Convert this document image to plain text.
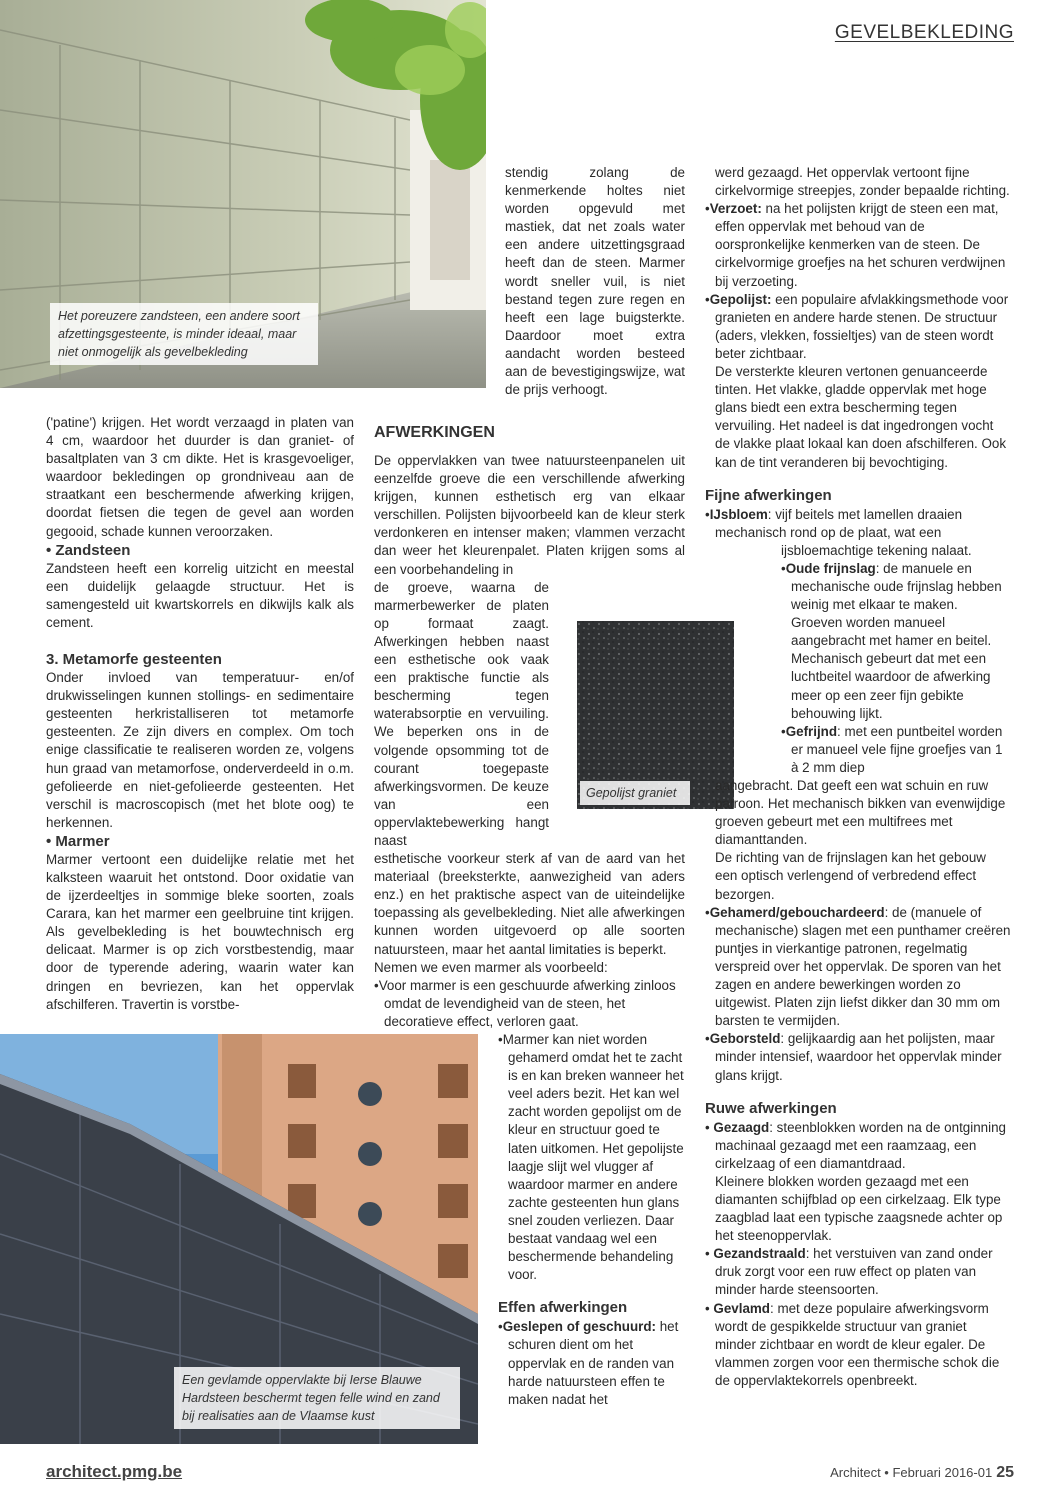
GEVELBEKLEDING
Het poreuzere zandsteen, een andere soort afzettingsgesteente, is minder ideaal, maar niet onmogelijk als gevelbekleding

('patine') krijgen. Het wordt verzaagd in platen van 4 cm, waardoor het duurder is dan graniet- of basaltplaten van 3 cm dikte. Het is krasgevoeliger, waardoor bekledingen op grondniveau aan de straatkant een beschermende afwerking krijgen, doordat fietsen die tegen de gevel aan worden gegooid, schade kunnen veroorzaken.

• Zandsteen

Zandsteen heeft een korrelig uitzicht en meestal een duidelijk gelaagde structuur. Het is samengesteld uit kwartskorrels en dikwijls kalk als cement.

3. Metamorfe gesteenten

Onder invloed van temperatuur- en/of drukwisselingen kunnen stollings- en sedimentaire gesteenten herkristalliseren tot metamorfe gesteenten. Ze zijn divers en complex. Om toch enige classificatie te realiseren worden ze, volgens hun graad van metamorfose, onderverdeeld in o.m. gefolieerde en niet-gefolieerde gesteenten. Het verschil is macroscopisch (met het blote oog) te herkennen.

• Marmer

Marmer vertoont een duidelijke relatie met het kalksteen waaruit het ontstond. Door oxidatie van de ijzerdeeltjes in sommige bleke soorten, zoals Carara, kan het marmer een geelbruine tint krijgen. Als gevelbekleding is het bouwtechnisch erg delicaat. Marmer is op zich vorstbestendig, maar door de typerende adering, waarin water kan dringen en bevriezen, kan het oppervlak afschilferen. Travertin is vorstbe-

Een gevlamde oppervlakte bij Ierse Blauwe Hardsteen beschermt tegen felle wind en zand bij realisaties aan de Vlaamse kust

stendig zolang de kenmerkende holtes niet worden opgevuld met mastiek, dat net zoals water een andere uitzettingsgraad heeft dan de steen. Marmer wordt sneller vuil, is niet bestand tegen zure regen en heeft een lage buigsterkte. Daardoor moet extra aandacht worden besteed aan de bevestigingswijze, wat de prijs verhoogt.

AFWERKINGEN

De oppervlakken van twee natuursteenpanelen uit eenzelfde groeve die een verschillende afwerking krijgen, kunnen esthetisch erg van elkaar verschillen. Polijsten bijvoorbeeld kan de kleur sterk verdonkeren en intenser maken; vlammen verzacht dan weer het kleurenpalet. Platen krijgen soms al een voorbehandeling in

de groeve, waarna de marmerbewerker de platen op formaat zaagt. Afwerkingen hebben naast een esthetische ook vaak een praktische functie als bescherming tegen waterabsorptie en vervuiling. We beperken ons in de volgende opsomming tot de courant toegepaste afwerkingsvormen. De keuze van een oppervlaktebewerking hangt naast

esthetische voorkeur sterk af van de aard van het materiaal (breeksterkte, aanwezigheid van aders enz.) en het praktische aspect van de uiteindelijke toepassing als gevelbekleding. Niet alle afwerkingen kunnen worden uitgevoerd op alle soorten natuursteen, maar het aantal limitaties is beperkt.

Nemen we even marmer als voorbeeld:

•Voor marmer is een geschuurde afwerking zinloos omdat de levendigheid van de steen, het decoratieve effect, verloren gaat.

Gepolijst graniet

•Marmer kan niet worden gehamerd omdat het te zacht is en kan breken wanneer het veel aders bezit. Het kan wel zacht worden gepolijst om de kleur en structuur goed te laten uitkomen. Het gepolijste laagje slijt wel vlugger af waardoor marmer en andere zachte gesteenten hun glans snel zouden verliezen. Daar bestaat vandaag wel een beschermende behandeling voor.

Effen afwerkingen

•Geslepen of geschuurd: het schuren dient om het oppervlak en de randen van harde natuursteen effen te maken nadat het

werd gezaagd. Het oppervlak vertoont fijne cirkelvormige streepjes, zonder bepaalde richting.

•Verzoet: na het polijsten krijgt de steen een mat, effen oppervlak met behoud van de oorspronkelijke kenmerken van de steen. De cirkelvormige groefjes na het schuren verdwijnen bij verzoeting.

•Gepolijst: een populaire afvlakkingsmethode voor granieten en andere harde stenen. De structuur (aders, vlekken, fossieltjes) van de steen wordt beter zichtbaar.

De versterkte kleuren vertonen genuanceerde tinten. Het vlakke, gladde oppervlak met hoge glans biedt een extra bescherming tegen vervuiling. Het nadeel is dat ingedrongen vocht de vlakke plaat lokaal kan doen afschilferen. Ook kan de tint veranderen bij bevochtiging.

Fijne afwerkingen

•IJsbloem: vijf beitels met lamellen draaien mechanisch rond op de plaat, wat een

ijsbloemachtige tekening nalaat.

•Oude frijnslag: de manuele en mechanische oude frijnslag hebben weinig met elkaar te maken.

Groeven worden manueel aangebracht met hamer en beitel. Mechanisch gebeurt dat met een luchtbeitel waardoor de afwerking meer op een zeer fijn gebikte behouwing lijkt.

•Gefrijnd: met een puntbeitel worden er manueel vele fijne groefjes van 1 à 2 mm diep

aangebracht. Dat geeft een wat schuin en ruw patroon. Het mechanisch bikken van evenwijdige groeven gebeurt met een multifrees met diamanttanden.

De richting van de frijnslagen kan het gebouw een optisch verlengend of verbredend effect bezorgen.

•Gehamerd/gebouchardeerd: de (manuele of mechanische) slagen met een punthamer creëren puntjes in vierkantige patronen, regelmatig verspreid over het oppervlak. De sporen van het zagen en andere bewerkingen worden zo uitgewist. Platen zijn liefst dikker dan 30 mm om barsten te vermijden.

•Geborsteld: gelijkaardig aan het polijsten, maar minder intensief, waardoor het oppervlak minder glans krijgt.

Ruwe afwerkingen

• Gezaagd: steenblokken worden na de ontginning machinaal gezaagd met een raamzaag, een cirkelzaag of een diamantdraad.

Kleinere blokken worden gezaagd met een diamanten schijfblad op een cirkelzaag. Elk type zaagblad laat een typische zaagsnede achter op het steenoppervlak.

• Gezandstraald: het verstuiven van zand onder druk zorgt voor een ruw effect op platen van minder harde steensoorten.

• Gevlamd: met deze populaire afwerkingsvorm wordt de gespikkelde structuur van graniet minder zichtbaar en wordt de kleur egaler. De vlammen zorgen voor een thermische schok die de oppervlaktekorrels openbreekt.

architect.pmg.be	Architect • Februari 2016-01 25
